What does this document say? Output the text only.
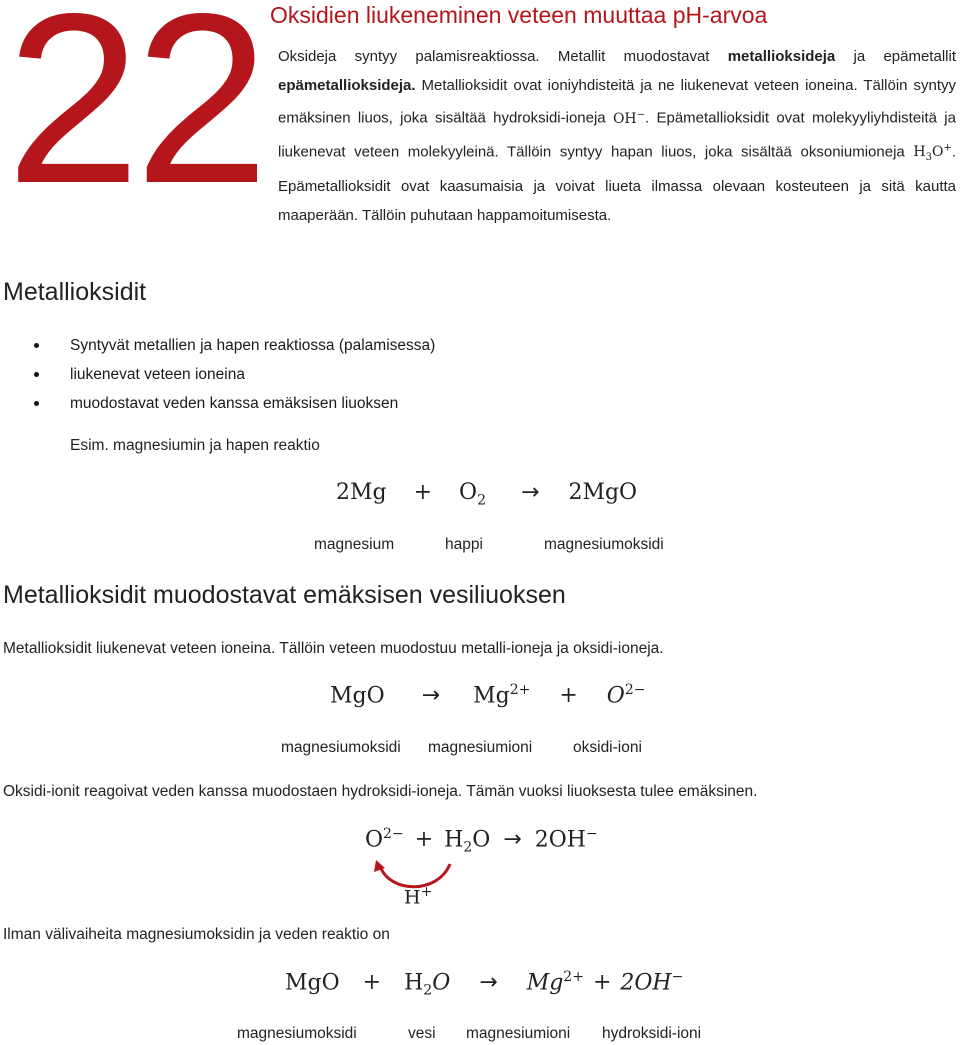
22 Oksidien liukeneminen veteen muuttaa pH-arvoa
Oksideja syntyy palamisreaktiossa. Metallit muodostavat metallioksideja ja epämetallit epämetallioksideja. Metallioksidit ovat ioniyhdisteitä ja ne liukenevat veteen ioneina. Tällöin syntyy emäksinen liuos, joka sisältää hydroksidi-ioneja OH−. Epämetallioksidit ovat molekyyliyhdisteitä ja liukenevat veteen molekyyleinä. Tällöin syntyy hapan liuos, joka sisältää oksoniumioneja $H_3O^+$. Epämetallioksidit ovat kaasumaisia ja voivat liueta ilmassa olevaan kosteuteen ja sitä kautta maaperään. Tällöin puhutaan happamoitumisesta.
Metallioksidit
Syntyvät metallien ja hapen reaktiossa (palamisessa)
liukenevat veteen ioneina
muodostavat veden kanssa emäksisen liuoksen
Esim. magnesiumin ja hapen reaktio
$2Mg + O_2 \to 2MgO$
magnesium	happi	magnesiumoksidi
Metallioksidit muodostavat emäksisen vesiliuoksen
Metallioksidit liukenevat veteen ioneina. Tällöin veteen muodostuu metalli-ioneja ja oksidi-ioneja.
MgO → $Mg^{2+} + O^{2-}$
magnesiumoksidi magnesiumioni	oksidi-ioni
Oksidi-ionit reagoivat veden kanssa muodostaen hydroksidi-ioneja. Tämän vuoksi liuoksesta tulee emäksinen.
$O^{2-} + H_2O \to 2OH^-$
H+
Ilman välivaiheita magnesiumoksidin ja veden reaktio on
MgO + $H_2O \to Mg^{2+} + 2OH^-$
magnesiumoksidi	vesi magnesiumioni hydroksidi-ioni
